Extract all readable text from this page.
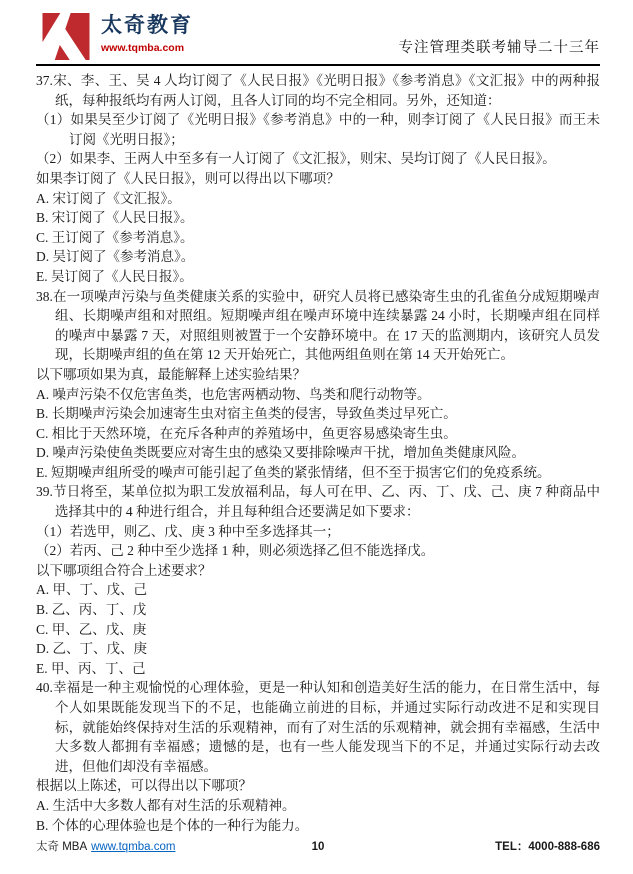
太奇教育
www.tqmba.com	专注管理类联考辅导二十三年

37.宋、李、王、吴 4 人均订阅了《人民日报》《光明日报》《参考消息》《文汇报》中的两种报纸，每种报纸均有两人订阅，且各人订同的均不完全相同。另外，还知道：

（1）如果吴至少订阅了《光明日报》《参考消息》中的一种，则李订阅了《人民日报》而王未订阅《光明日报》；

（2）如果李、王两人中至多有一人订阅了《文汇报》，则宋、吴均订阅了《人民日报》。

如果李订阅了《人民日报》，则可以得出以下哪项？

A. 宋订阅了《文汇报》。

B. 宋订阅了《人民日报》。

C. 王订阅了《参考消息》。

D. 吴订阅了《参考消息》。

E. 吴订阅了《人民日报》。

38.在一项噪声污染与鱼类健康关系的实验中，研究人员将已感染寄生虫的孔雀鱼分成短期噪声组、长期噪声组和对照组。短期噪声组在噪声环境中连续暴露 24 小时，长期噪声组在同样的噪声中暴露 7 天，对照组则被置于一个安静环境中。在 17 天的监测期内，该研究人员发现，长期噪声组的鱼在第 12 天开始死亡，其他两组鱼则在第 14 天开始死亡。

以下哪项如果为真，最能解释上述实验结果？

A. 噪声污染不仅危害鱼类，也危害两栖动物、鸟类和爬行动物等。

B. 长期噪声污染会加速寄生虫对宿主鱼类的侵害，导致鱼类过早死亡。

C. 相比于天然环境，在充斥各种声的养殖场中，鱼更容易感染寄生虫。

D. 噪声污染使鱼类既要应对寄生虫的感染又要排除噪声干扰，增加鱼类健康风险。

E. 短期噪声组所受的噪声可能引起了鱼类的紧张情绪，但不至于损害它们的免疫系统。

39.节日将至，某单位拟为职工发放福利品，每人可在甲、乙、丙、丁、戊、己、庚 7 种商品中选择其中的 4 种进行组合，并且每种组合还要满足如下要求：

（1）若选甲，则乙、戊、庚 3 种中至多选择其一；

（2）若丙、己 2 种中至少选择 1 种，则必须选择乙但不能选择戊。

以下哪项组合符合上述要求？

A. 甲、丁、戊、己

B. 乙、丙、丁、戊

C. 甲、乙、戊、庚

D. 乙、丁、戊、庚

E. 甲、丙、丁、己

40.幸福是一种主观愉悦的心理体验，更是一种认知和创造美好生活的能力，在日常生活中，每个人如果既能发现当下的不足，也能确立前进的目标，并通过实际行动改进不足和实现目标，就能始终保持对生活的乐观精神，而有了对生活的乐观精神，就会拥有幸福感，生活中大多数人都拥有幸福感；遗憾的是，也有一些人能发现当下的不足，并通过实际行动去改进，但他们却没有幸福感。

根据以上陈述，可以得出以下哪项？

A. 生活中大多数人都有对生活的乐观精神。

B. 个体的心理体验也是个体的一种行为能力。

太奇 MBA www.tqmba.com	10	TEL：4000-888-686
